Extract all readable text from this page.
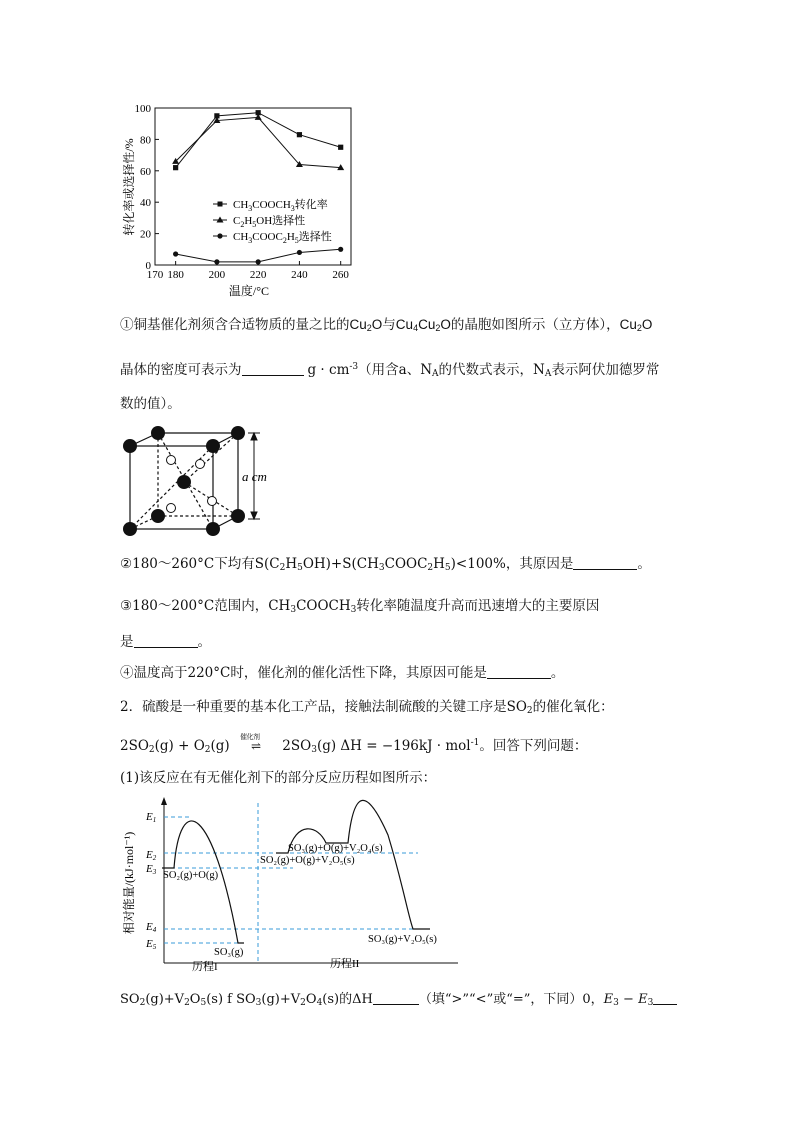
0
20
40
60
80
100
170 180 200 220 240 260
温度/°C
转化率或选择性/%	$CH_3COOCH_3$转化率
$C_2H_5OH$选择性
$CH_3COOC_2H_5$选择性
①铜基催化剂须含合适物质的量之比的$Cu_2O$与$Cu_4Cu_2O$的晶胞如图所示（立方体），$Cu_2O$
晶体的密度可表示为	$g \cdot cm^{-3}$（用含a、$N_A$的代数式表示，$N_A$表示阿伏加德罗常
数的值）。
a cm
②180～260°C下均有$S(C_2H_5OH)+S(CH_3COOC_2H_5)<100\%$，其原因是	。
③180～200°C范围内，$CH_3COOCH_3$转化率随温度升高而迅速增大的主要原因
是	。
④温度高于220°C时，催化剂的催化活性下降，其原因可能是	。
2．硫酸是一种重要的基本化工产品，接触法制硫酸的关键工序是$SO_2$的催化氧化：
$2SO_2(g) + O_2(g)$
催化剂
⇌ $2SO_3(g) \Delta H = -196kJ \cdot mol^{-1}$。回答下列问题：
(1)该反应在有无催化剂下的部分反应历程如图所示：
相对能量/(kJ·mol⁻¹)
E1
E2
E3
E4
E5
SO₂(g)+O(g)
SO₃(g)
SO₃(g)+O(g)+V₂O₄(s)
SO₂(g)+O(g)+V₂O₅(s)
SO₃(g)+V₂O₅(s)
历程I	历程II
$SO_2(g)+V_2O_5(s)$ f $SO_3(g)+V_2O_4(s)$的ΔH	（填“>”“<”或“=”，下同）0，$E_3 - E_3$
